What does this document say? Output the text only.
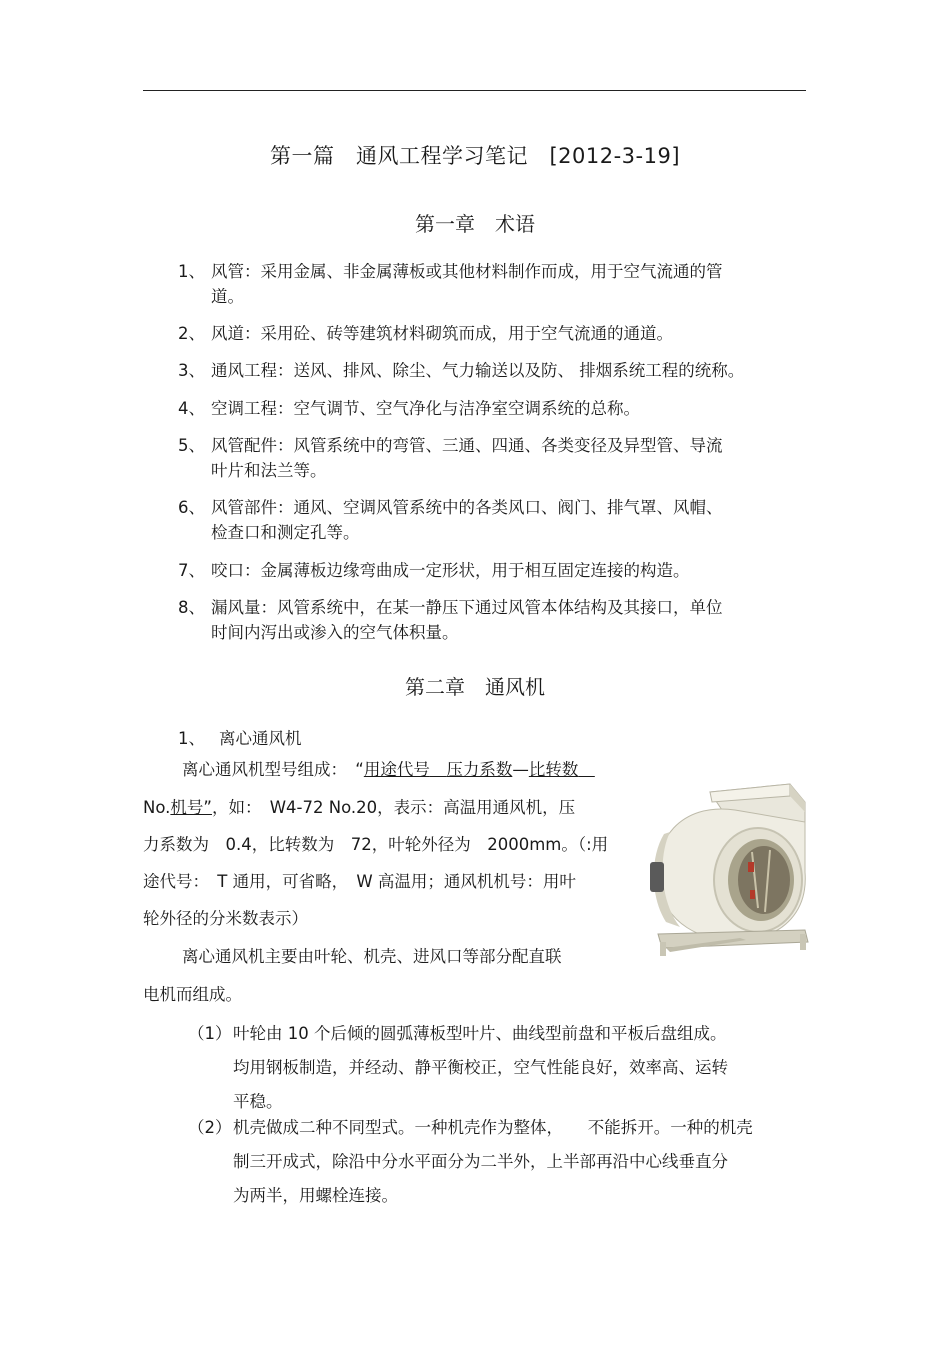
第一篇　通风工程学习笔记　[2012-3-19]
第一章　术语
1、 风管：采用金属、非金属薄板或其他材料制作而成，用于空气流通的管
道。
2、 风道：采用砼、砖等建筑材料砌筑而成，用于空气流通的通道。
3、 通风工程：送风、排风、除尘、气力输送以及防、 排烟系统工程的统称。
4、 空调工程：空气调节、空气净化与洁净室空调系统的总称。
5、 风管配件：风管系统中的弯管、三通、四通、各类变径及异型管、导流
叶片和法兰等。
6、 风管部件：通风、空调风管系统中的各类风口、阀门、排气罩、风帽、
检查口和测定孔等。
7、 咬口：金属薄板边缘弯曲成一定形状，用于相互固定连接的构造。
8、 漏风量：风管系统中，在某一静压下通过风管本体结构及其接口，单位
时间内泻出或渗入的空气体积量。
第二章　通风机
1、 离心通风机
离心通风机型号组成：　“用途代号　 压力系数—比转数　
No.机号”，如：　W4-72 No.20，表示：高温用通风机，压
力系数为　0.4，比转数为　72，叶轮外径为　2000mm。（:用
途代号：　T 通用，可省略，　W 高温用；通风机机号：用叶
轮外径的分米数表示）
离心通风机主要由叶轮、机壳、进风口等部分配直联
电机而组成。
（1） 叶轮由 10 个后倾的圆弧薄板型叶片、曲线型前盘和平板后盘组成。
均用钢板制造，并经动、静平衡校正，空气性能良好，效率高、运转
平稳。
（2） 机壳做成二种不同型式。一种机壳作为整体，　　不能拆开。一种的机壳
制三开成式，除沿中分水平面分为二半外，上半部再沿中心线垂直分
为两半，用螺栓连接。
